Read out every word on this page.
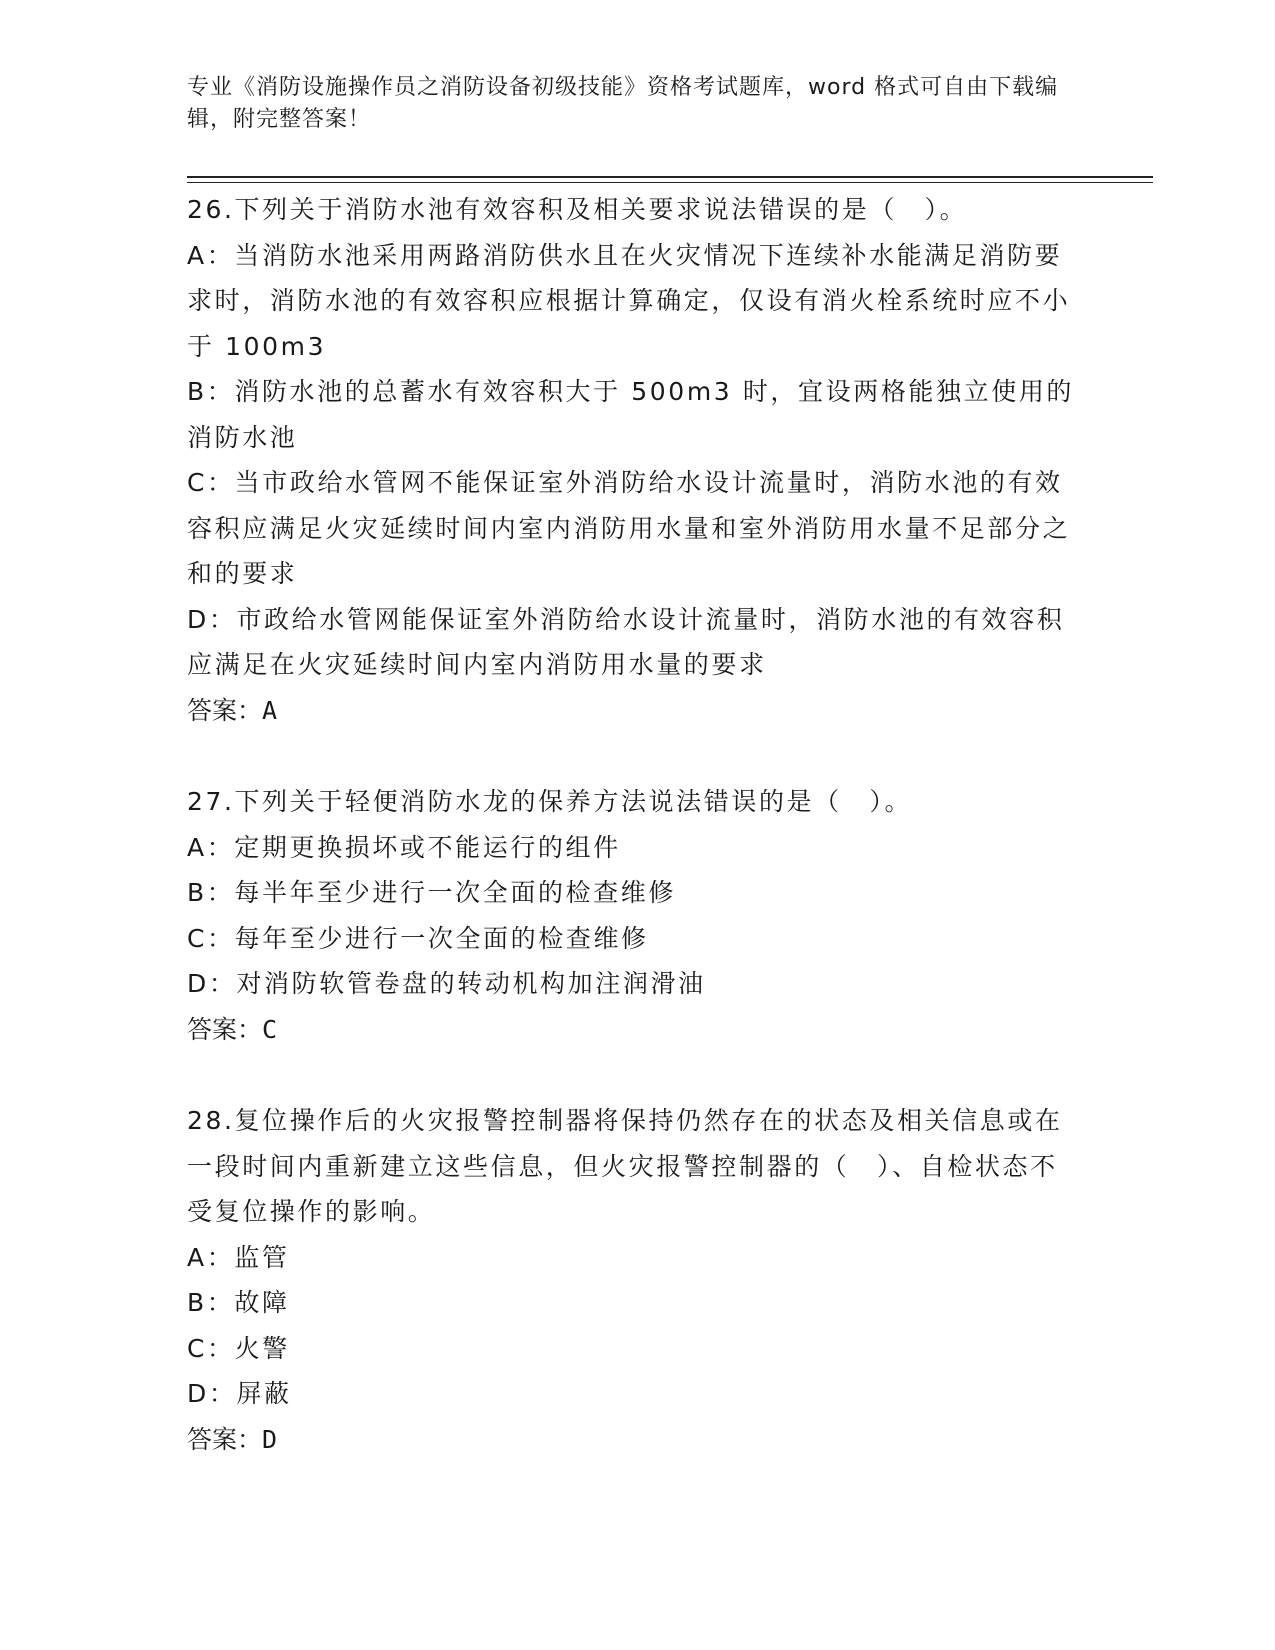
专业《消防设施操作员之消防设备初级技能》资格考试题库，word 格式可自由下载编辑，附完整答案！

26.下列关于消防水池有效容积及相关要求说法错误的是（　）。

A：当消防水池采用两路消防供水且在火灾情况下连续补水能满足消防要求时，消防水池的有效容积应根据计算确定，仅设有消火栓系统时应不小于 100m3

B：消防水池的总蓄水有效容积大于 500m3 时，宜设两格能独立使用的消防水池

C：当市政给水管网不能保证室外消防给水设计流量时，消防水池的有效容积应满足火灾延续时间内室内消防用水量和室外消防用水量不足部分之和的要求

D：市政给水管网能保证室外消防给水设计流量时，消防水池的有效容积应满足在火灾延续时间内室内消防用水量的要求

答案：A

27.下列关于轻便消防水龙的保养方法说法错误的是（　）。

A：定期更换损坏或不能运行的组件

B：每半年至少进行一次全面的检查维修

C：每年至少进行一次全面的检查维修

D：对消防软管卷盘的转动机构加注润滑油

答案：C

28.复位操作后的火灾报警控制器将保持仍然存在的状态及相关信息或在一段时间内重新建立这些信息，但火灾报警控制器的（　）、自检状态不受复位操作的影响。

A：监管

B：故障

C：火警

D：屏蔽

答案：D
